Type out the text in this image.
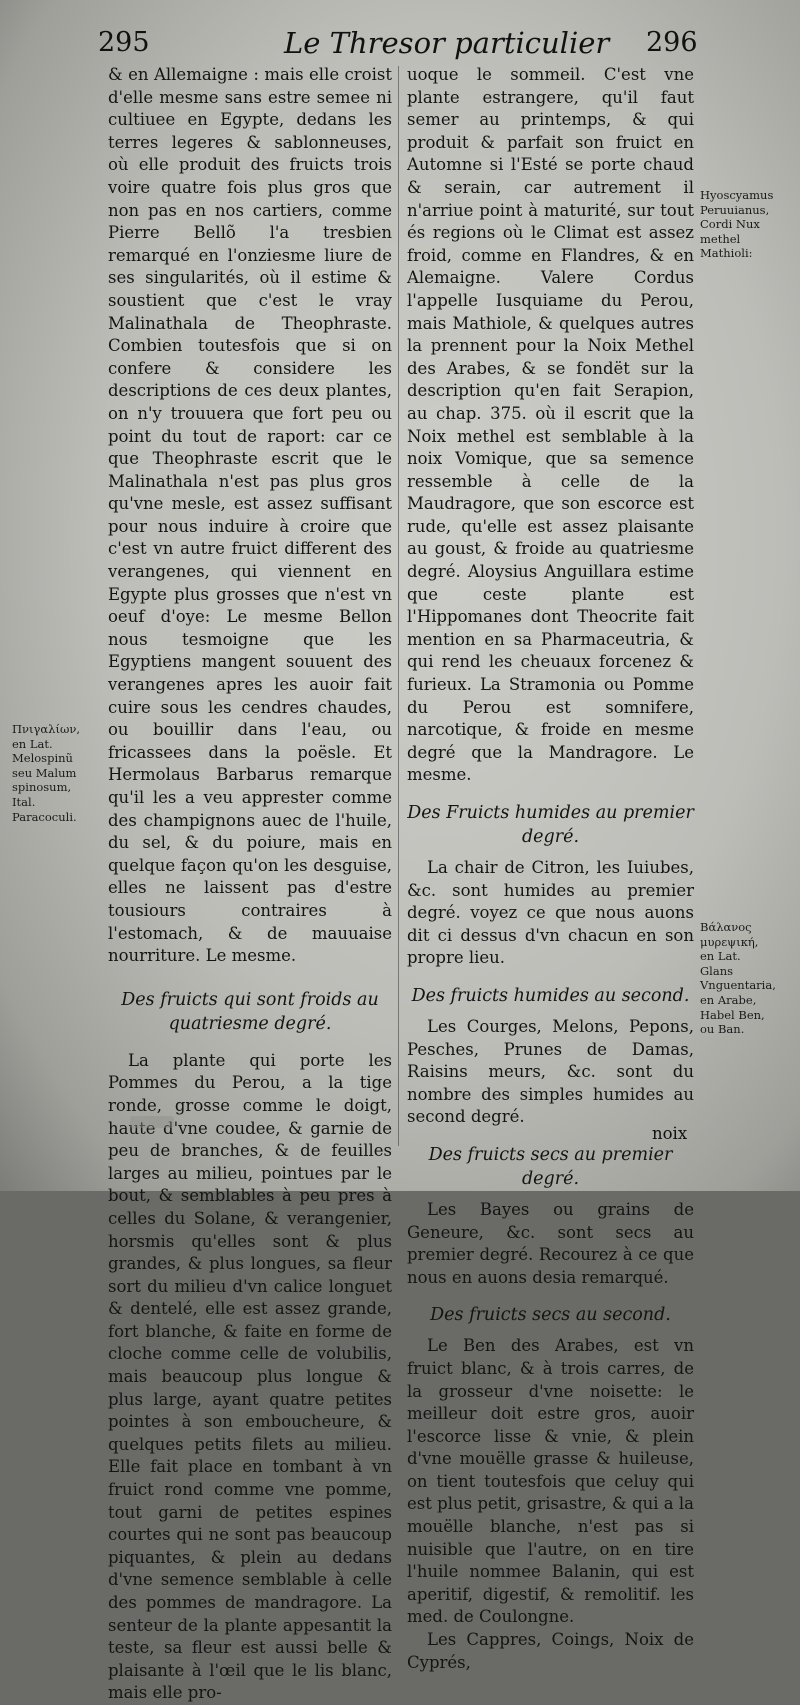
295	Le Thresor particulier 296

& en Allemaigne : mais elle croist d'elle mesme sans estre semee ni cultiuee en Egypte, dedans les terres legeres & sablonneuses, où elle produit des fruicts trois voire quatre fois plus gros que non pas en nos cartiers, comme Pierre Bellõ l'a tresbien remarqué en l'onziesme liure de ses singularités, où il estime & soustient que c'est le vray Malinathala de Theophraste. Combien toutesfois que si on confere & considere les descriptions de ces deux plantes, on n'y trouuera que fort peu ou point du tout de raport: car ce que Theophraste escrit que le Malinathala n'est pas plus gros qu'vne mesle, est assez suffisant pour nous induire à croire que c'est vn autre fruict different des verangenes, qui viennent en Egypte plus grosses que n'est vn oeuf d'oye: Le mesme Bellon nous tesmoigne que les Egyptiens mangent souuent des verangenes apres les auoir fait cuire sous les cendres chaudes, ou bouillir dans l'eau, ou fricassees dans la poësle. Et Hermolaus Barbarus remarque qu'il les a veu apprester comme des champignons auec de l'huile, du sel, & du poiure, mais en quelque façon qu'on les desguise, elles ne laissent pas d'estre tousiours contraires à l'estomach, & de mauuaise nourriture. Le mesme.

Des fruicts qui sont froids au quatriesme degré.

La plante qui porte les Pommes du Perou, a la tige ronde, grosse comme le doigt, haute d'vne coudee, & garnie de peu de branches, & de feuilles larges au milieu, pointues par le bout, & semblables à peu pres à celles du Solane, & verangenier, horsmis qu'elles sont & plus grandes, & plus longues, sa fleur sort du milieu d'vn calice longuet & dentelé, elle est assez grande, fort blanche, & faite en forme de cloche comme celle de volubilis, mais beaucoup plus longue & plus large, ayant quatre petites pointes à son emboucheure, & quelques petits filets au milieu. Elle fait place en tombant à vn fruict rond comme vne pomme, tout garni de petites espines courtes qui ne sont pas beaucoup piquantes, & plein au dedans d'vne semence semblable à celle des pommes de mandragore. La senteur de la plante appesantit la teste, sa fleur est aussi belle & plaisante à l'œil que le lis blanc, mais elle pro-

uoque le sommeil. C'est vne plante estrangere, qu'il faut semer au printemps, & qui produit & parfait son fruict en Automne si l'Esté se porte chaud & serain, car autrement il n'arriue point à maturité, sur tout és regions où le Climat est assez froid, comme en Flandres, & en Alemaigne. Valere Cordus l'appelle Iusquiame du Perou, mais Mathiole, & quelques autres la prennent pour la Noix Methel des Arabes, & se fondët sur la description qu'en fait Serapion, au chap. 375. où il escrit que la Noix methel est semblable à la noix Vomique, que sa semence ressemble à celle de la Maudragore, que son escorce est rude, qu'elle est assez plaisante au goust, & froide au quatriesme degré. Aloysius Anguillara estime que ceste plante est l'Hippomanes dont Theocrite fait mention en sa Pharmaceutria, & qui rend les cheuaux forcenez & furieux. La Stramonia ou Pomme du Perou est somnifere, narcotique, & froide en mesme degré que la Mandragore. Le mesme.

Des Fruicts humides au premier degré.

La chair de Citron, les Iuiubes, &c. sont humides au premier degré. voyez ce que nous auons dit ci dessus d'vn chacun en son propre lieu.

Des fruicts humides au second.

Les Courges, Melons, Pepons, Pesches, Prunes de Damas, Raisins meurs, &c. sont du nombre des simples humides au second degré.

Des fruicts secs au premier degré.

Les Bayes ou grains de Geneure, &c. sont secs au premier degré. Recourez à ce que nous en auons desia remarqué.

Des fruicts secs au second.

Le Ben des Arabes, est vn fruict blanc, & à trois carres, de la grosseur d'vne noisette: le meilleur doit estre gros, auoir l'escorce lisse & vnie, & plein d'vne mouëlle grasse & huileuse, on tient toutesfois que celuy qui est plus petit, grisastre, & qui a la mouëlle blanche, n'est pas si nuisible que l'autre, on en tire l'huile nommee Balanin, qui est aperitif, digestif, & remolitif. les med. de Coulongne.

Les Cappres, Coings, Noix de Cyprés,

Hyoscyamus Peruuianus, Cordi Nux methel Mathioli:
Πνιγαλίων, en Lat. Melospinũ seu Malum spinosum, Ital. Paracoculi.
Βάλανος μυρεψική, en Lat. Glans Vnguentaria, en Arabe, Habel Ben, ou Ban.
noix
